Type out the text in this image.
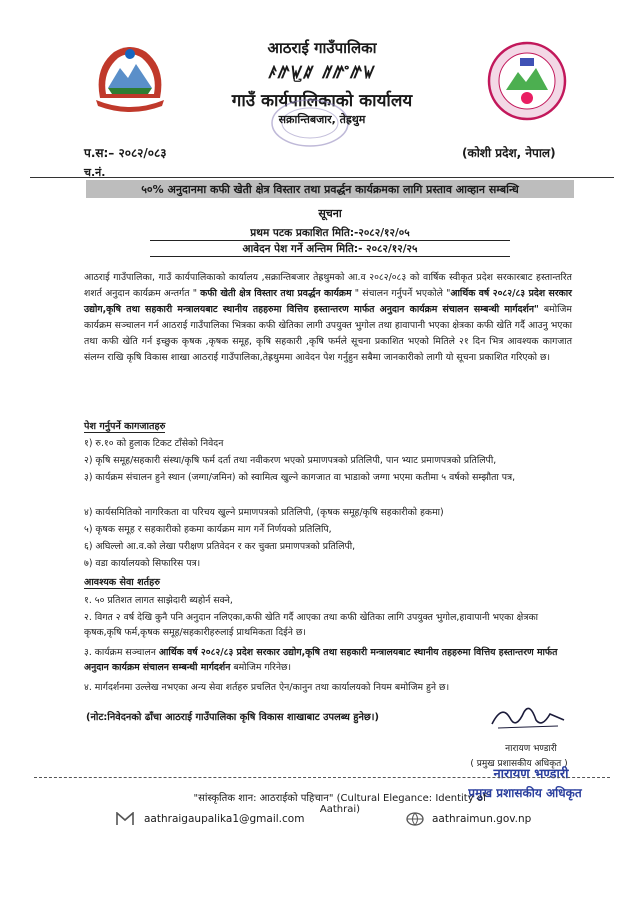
आठराई गाउँपालिका
ꤰꤼꤿ꤬ꤽ ꥀꤼ꥓ꤼꤿ
गाउँ कार्यपालिकाको कार्यालय
सक्रान्तिबजार, तेह्रथुम
प.स:– २०८२/०८३	(कोशी प्रदेश, नेपाल)
च.नं.
५०% अनुदानमा कफी खेती क्षेत्र विस्तार तथा प्रवर्द्धन कार्यक्रमका लागि प्रस्ताव आव्हान सम्बन्धि
सूचना
प्रथम पटक प्रकाशित मिति:-२०८२/१२/०५
आवेदन पेश गर्ने अन्तिम मिति:- २०८२/१२/२५
आठराई गाउँपालिका, गाउँ कार्यपालिकाको कार्यालय ,सक्रान्तिबजार तेह्रथुमको आ.व २०८२/०८३ को वार्षिक स्वीकृत प्रदेश सरकारबाट हस्तान्तरित शशर्त अनुदान कार्यक्रम अन्तर्गत " कफी खेती क्षेत्र विस्तार तथा प्रवर्द्धन कार्यक्रम " संचालन गर्नुपर्ने भएकोले "आर्थिक वर्ष २०८२/८३ प्रदेश सरकार उद्योग,कृषि तथा सहकारी मन्त्रालयबाट स्थानीय तहहरुमा वित्तिय हस्तान्तरण मार्फत अनुदान कार्यक्रम संचालन सम्बन्धी मार्गदर्शन" बमोजिम कार्यक्रम सञ्चालन गर्न आठराई गाउँपालिका भित्रका कफी खेतिका लागी उपयुक्त भुगोल तथा हावापानी भएका क्षेत्रका कफी खेति गर्दै आउनु भएका तथा कफी खेति गर्न इच्छुक कृषक ,कृषक समूह, कृषि सहकारी ,कृषि फर्मले सूचना प्रकाशित भएको मितिले २१ दिन भित्र आवश्यक कागजात संलग्न राखि कृषि विकास शाखा आठराई गाउँपालिका,तेह्रथुममा आवेदन पेश गर्नुहुन सबैमा जानकारीको लागी यो सूचना प्रकाशित गरिएको छ।
पेश गर्नुपर्ने कागजातहरु
१) रु.१० को हुलाक टिकट टाँसेको निवेदन
२) कृषि समूह/सहकारी संस्था/कृषि फर्म दर्ता तथा नवीकरण भएको प्रमाणपत्रको प्रतिलिपी, पान भ्याट प्रमाणपत्रको प्रतिलिपी,
३) कार्यक्रम संचालन हुने स्थान (जग्गा/जमिन) को स्वामित्व खुल्ने कागजात वा भाडाको जग्गा भएमा कतीमा ५ वर्षको सम्झौता पत्र,
४) कार्यसमितिको नागरिकता वा परिचय खुल्ने प्रमाणपत्रको प्रतिलिपी, (कृषक समूह/कृषि सहकारीको हकमा)
५) कृषक समूह र सहकारीको हकमा कार्यक्रम माग गर्ने निर्णयको प्रतिलिपि,
६) अघिल्लो आ.व.को लेखा परीक्षण प्रतिवेदन र कर चुक्ता प्रमाणपत्रको प्रतिलिपी,
७) वडा कार्यालयको सिफारिस पत्र।
आवश्यक सेवा शर्तहरु
१. ५० प्रतिशत लागत साझेदारी ब्यहोर्न सक्ने,
२. विगत २ वर्ष देखि कुनै पनि अनुदान नलिएका,कफी खेति गर्दै आएका तथा कफी खेतिका लागि उपयुक्त भुगोल,हावापानी भएका क्षेत्रका कृषक,कृषि फर्म,कृषक समूह/सहकारीहरुलाई प्राथमिकता दिईने छ।
३. कार्यक्रम सञ्चालन आर्थिक वर्ष २०८२/८३ प्रदेश सरकार उद्योग,कृषि तथा सहकारी मन्त्रालयबाट स्थानीय तहहरुमा वित्तिय हस्तान्तरण मार्फत अनुदान कार्यक्रम संचालन सम्बन्धी मार्गदर्शन बमोजिम गरिनेछ।
४. मार्गदर्शनमा उल्लेख नभएका अन्य सेवा शर्तहरु प्रचलित ऐन/कानुन तथा कार्यालयको नियम बमोजिम हुने छ।
(नोट:निवेदनको ढाँचा आठराई गाउँपालिका कृषि विकास शाखाबाट उपलब्ध हुनेछ।)
नारायण भण्डारी
( प्रमुख प्रशासकीय अधिकृत )
नारायण भण्डारी
प्रमुख प्रशासकीय अधिकृत
"सांस्कृतिक शान: आठराईको पहिचान" (Cultural Elegance: Identity of Aathrai)
aathraigaupalika1@gmail.com	aathraimun.gov.np
